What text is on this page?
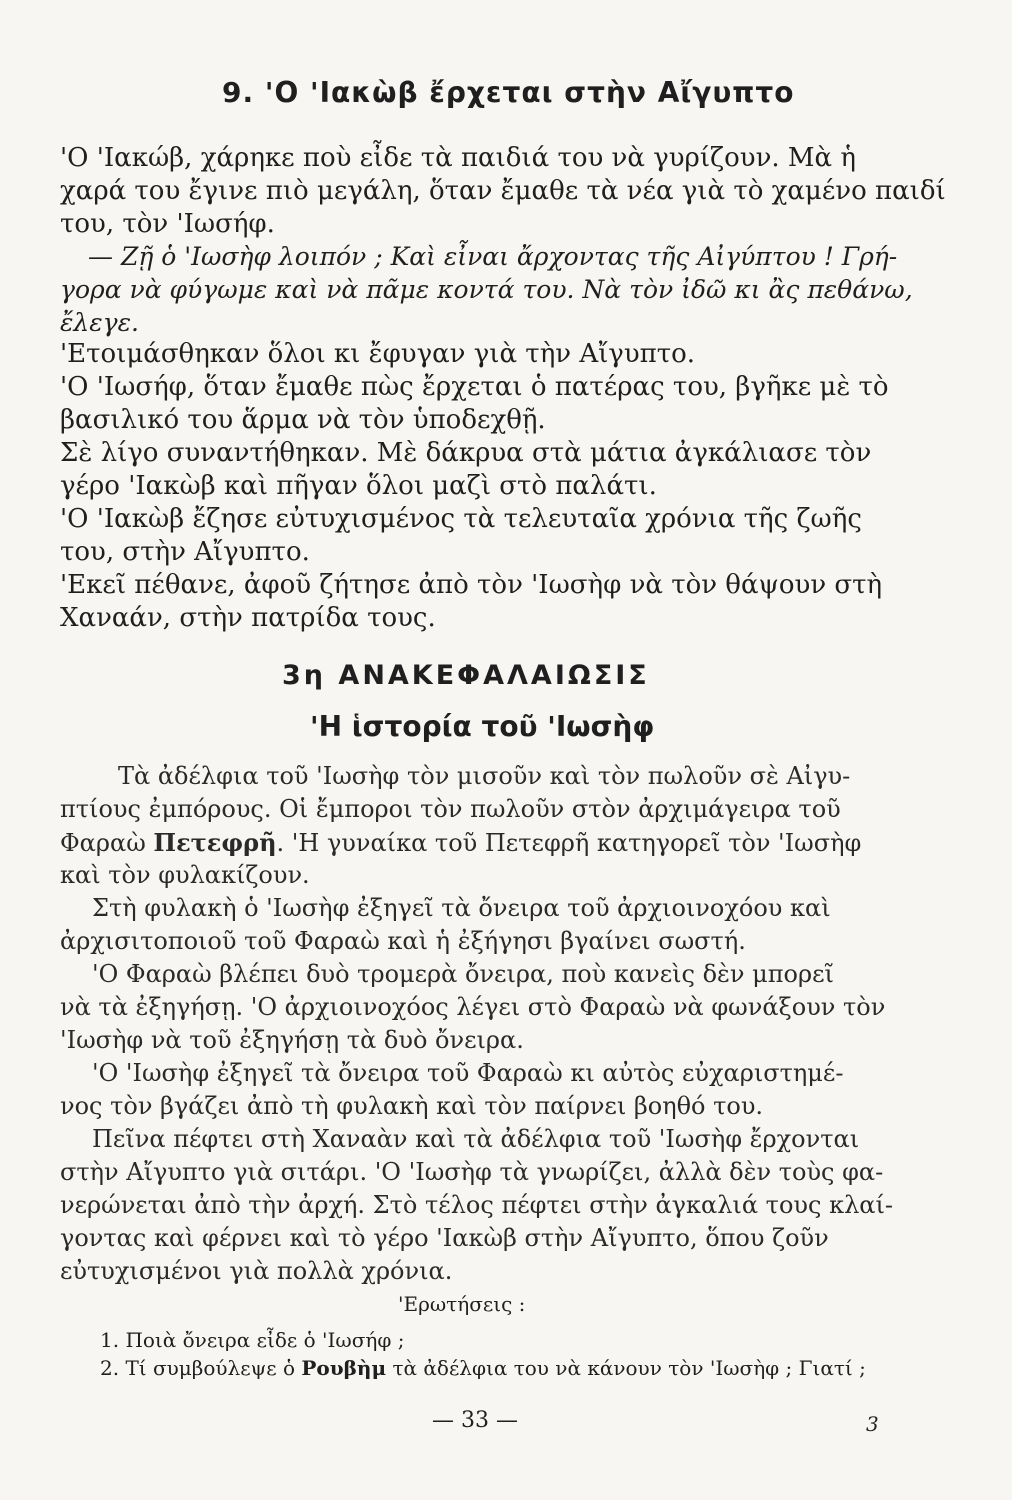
9. 'Ο 'Ιακὼβ ἔρχεται στὴν Αἴγυπτο
'Ο 'Ιακώβ, χάρηκε ποὺ εἶδε τὰ παιδιά του νὰ γυρίζουν. Μὰ ἡ
χαρά του ἔγινε πιὸ μεγάλη, ὅταν ἔμαθε τὰ νέα γιὰ τὸ χαμένο παιδί
του, τὸν 'Ιωσήφ.
— Ζῇ ὁ 'Ιωσὴφ λοιπόν ; Καὶ εἶναι ἄρχοντας τῆς Αἰγύπτου ! Γρή-
γορα νὰ φύγωμε καὶ νὰ πᾶμε κοντά του. Νὰ τὸν ἰδῶ κι ἂς πεθάνω,
ἔλεγε.
'Ετοιμάσθηκαν ὅλοι κι ἔφυγαν γιὰ τὴν Αἴγυπτο.
'Ο 'Ιωσήφ, ὅταν ἔμαθε πὼς ἔρχεται ὁ πατέρας του, βγῆκε μὲ τὸ
βασιλικό του ἅρμα νὰ τὸν ὑποδεχθῇ.
Σὲ λίγο συναντήθηκαν. Μὲ δάκρυα στὰ μάτια ἀγκάλιασε τὸν
γέρο 'Ιακὼβ καὶ πῆγαν ὅλοι μαζὶ στὸ παλάτι.
'Ο 'Ιακὼβ ἔζησε εὐτυχισμένος τὰ τελευταῖα χρόνια τῆς ζωῆς
του, στὴν Αἴγυπτο.
'Εκεῖ πέθανε, ἀφοῦ ζήτησε ἀπὸ τὸν 'Ιωσὴφ νὰ τὸν θάψουν στὴ
Χαναάν, στὴν πατρίδα τους.
3η ΑΝΑΚΕΦΑΛΑΙΩΣΙΣ
'Η ἱστορία τοῦ 'Ιωσὴφ
Τὰ ἀδέλφια τοῦ 'Ιωσὴφ τὸν μισοῦν καὶ τὸν πωλοῦν σὲ Αἰγυ-
πτίους ἐμπόρους. Οἱ ἔμποροι τὸν πωλοῦν στὸν ἀρχιμάγειρα τοῦ
Φαραὼ Πετεφρῆ. 'Η γυναίκα τοῦ Πετεφρῆ κατηγορεῖ τὸν 'Ιωσὴφ
καὶ τὸν φυλακίζουν.
Στὴ φυλακὴ ὁ 'Ιωσὴφ ἐξηγεῖ τὰ ὄνειρα τοῦ ἀρχιοινοχόου καὶ
ἀρχισιτοποιοῦ τοῦ Φαραὼ καὶ ἡ ἐξήγησι βγαίνει σωστή.
'Ο Φαραὼ βλέπει δυὸ τρομερὰ ὄνειρα, ποὺ κανεὶς δὲν μπορεῖ
νὰ τὰ ἐξηγήσῃ. 'Ο ἀρχιοινοχόος λέγει στὸ Φαραὼ νὰ φωνάξουν τὸν
'Ιωσὴφ νὰ τοῦ ἐξηγήσῃ τὰ δυὸ ὄνειρα.
'Ο 'Ιωσὴφ ἐξηγεῖ τὰ ὄνειρα τοῦ Φαραὼ κι αὐτὸς εὐχαριστημέ-
νος τὸν βγάζει ἀπὸ τὴ φυλακὴ καὶ τὸν παίρνει βοηθό του.
Πεῖνα πέφτει στὴ Χαναὰν καὶ τὰ ἀδέλφια τοῦ 'Ιωσὴφ ἔρχονται
στὴν Αἴγυπτο γιὰ σιτάρι. 'Ο 'Ιωσὴφ τὰ γνωρίζει, ἀλλὰ δὲν τοὺς φα-
νερώνεται ἀπὸ τὴν ἀρχή. Στὸ τέλος πέφτει στὴν ἀγκαλιά τους κλαί-
γοντας καὶ φέρνει καὶ τὸ γέρο 'Ιακὼβ στὴν Αἴγυπτο, ὅπου ζοῦν
εὐτυχισμένοι γιὰ πολλὰ χρόνια.
'Ερωτήσεις :
1. Ποιὰ ὄνειρα εἶδε ὁ 'Ιωσήφ ;
2. Τί συμβούλεψε ὁ Ρουβὴμ τὰ ἀδέλφια του νὰ κάνουν τὸν 'Ιωσὴφ ; Γιατί ;
— 33 —	3
